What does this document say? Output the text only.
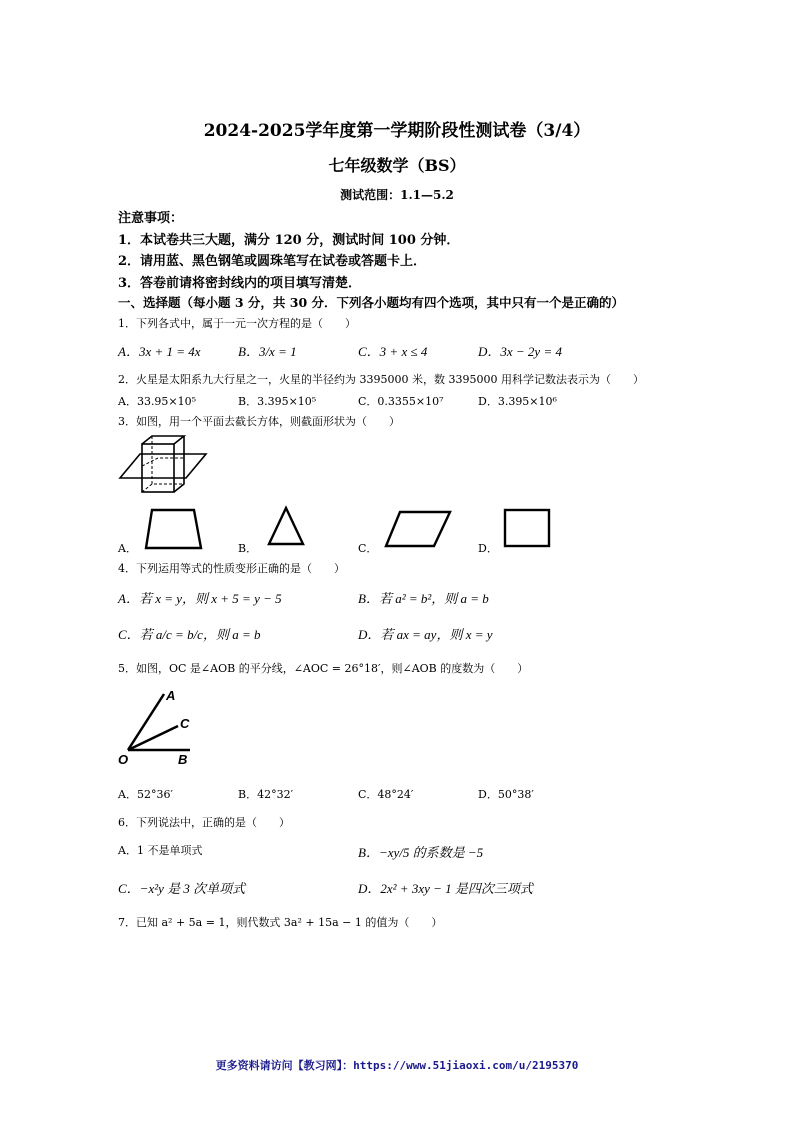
2024-2025学年度第一学期阶段性测试卷（3/4）
七年级数学（BS）
测试范围：1.1—5.2
注意事项：
1．本试卷共三大题，满分 120 分，测试时间 100 分钟．
2．请用蓝、黑色钢笔或圆珠笔写在试卷或答题卡上．
3．答卷前请将密封线内的项目填写清楚．
一、选择题（每小题 3 分，共 30 分．下列各小题均有四个选项，其中只有一个是正确的）
1．下列各式中，属于一元一次方程的是（　　）
A．3x + 1 = 4x	B．3/x = 1	C．3 + x ≤ 4	D．3x − 2y = 4
2．火星是太阳系九大行星之一，火星的半径约为 3395000 米，数 3395000 用科学记数法表示为（　　）
A．33.95×10⁵	B．3.395×10⁵	C．0.3355×10⁷	D．3.395×10⁶
3．如图，用一个平面去截长方体，则截面形状为（　　）
A．	B．	C．	D．
4．下列运用等式的性质变形正确的是（　　）
A．若 x = y，则 x + 5 = y − 5	B．若 a² = b²，则 a = b
C．若 a/c = b/c，则 a = b	D．若 ax = ay，则 x = y
5．如图，OC 是∠AOB 的平分线，∠AOC = 26°18′，则∠AOB 的度数为（　　）
A
C
O	B
A．52°36′	B．42°32′	C．48°24′	D．50°38′
6．下列说法中，正确的是（　　）
A．1 不是单项式	B．−xy/5 的系数是 −5
C．−x²y 是 3 次单项式	D．2x² + 3xy − 1 是四次三项式
7．已知 a² + 5a = 1，则代数式 3a² + 15a − 1 的值为（　　）
更多资料请访问【教习网】：https://www.51jiaoxi.com/u/2195370
